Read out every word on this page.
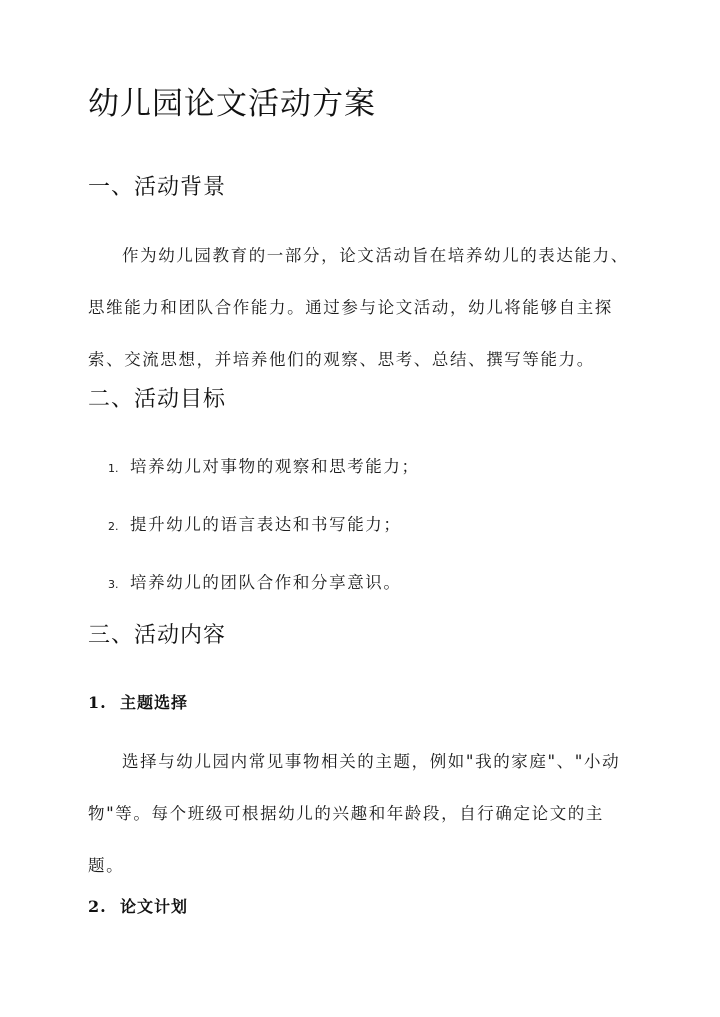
幼儿园论文活动方案
一、活动背景

作为幼儿园教育的一部分，论文活动旨在培养幼儿的表达能力、思维能力和团队合作能力。通过参与论文活动，幼儿将能够自主探索、交流思想，并培养他们的观察、思考、总结、撰写等能力。

二、活动目标
1. 培养幼儿对事物的观察和思考能力；
2. 提升幼儿的语言表达和书写能力；
3. 培养幼儿的团队合作和分享意识。
三、活动内容
1. 主题选择

选择与幼儿园内常见事物相关的主题，例如"我的家庭"、"小动物"等。每个班级可根据幼儿的兴趣和年龄段，自行确定论文的主题。

2. 论文计划
